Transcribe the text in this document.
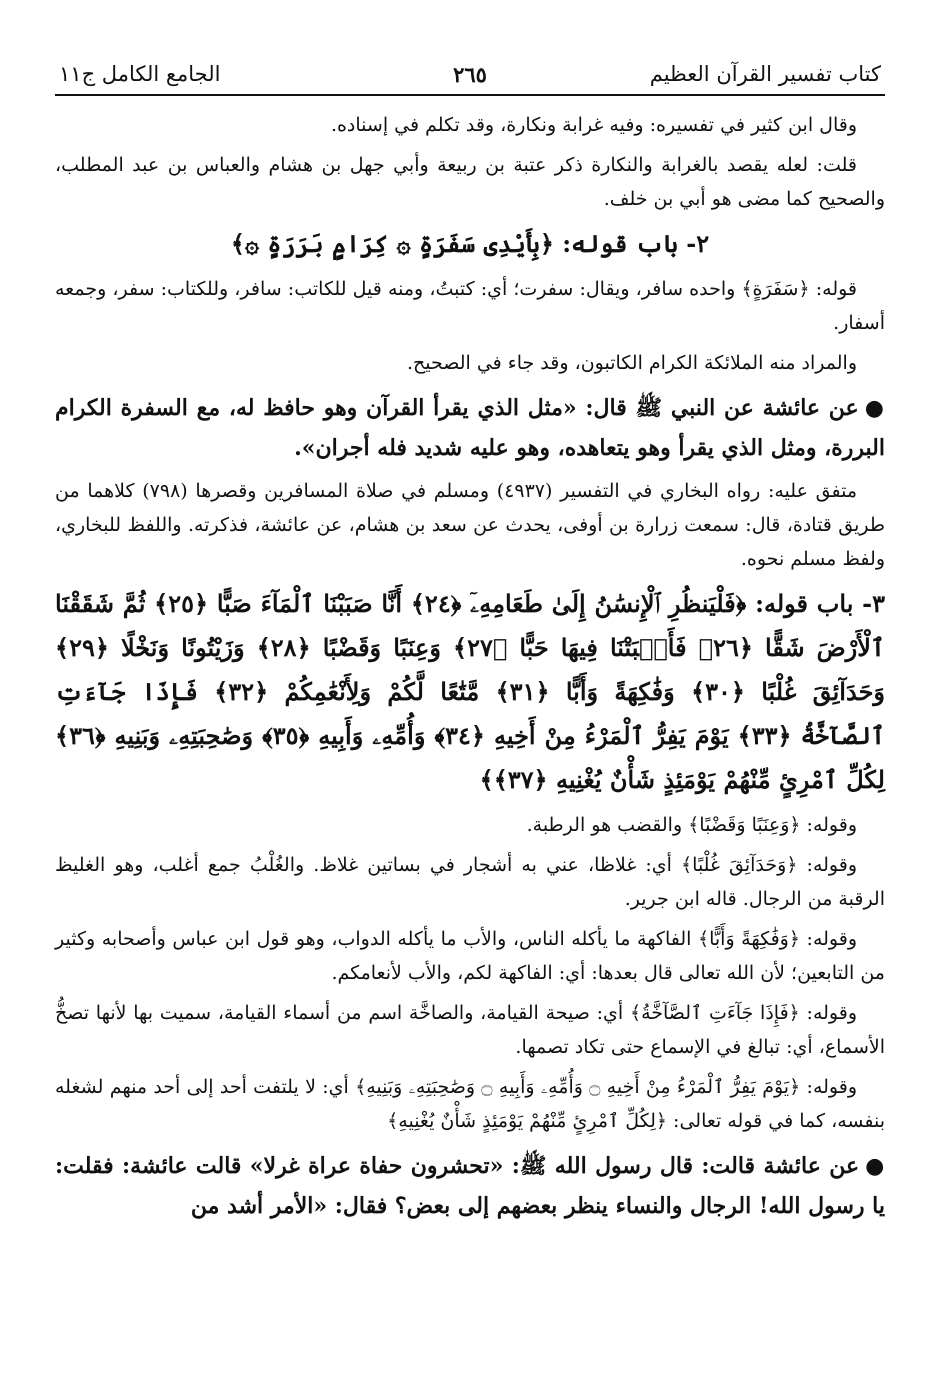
كتاب تفسير القرآن العظيم
٢٦٥
الجامع الكامل ج١١

وقال ابن كثير في تفسيره: وفيه غرابة ونكارة، وقد تكلم في إسناده.

قلت: لعله يقصد بالغرابة والنكارة ذكر عتبة بن ربيعة وأبي جهل بن هشام والعباس بن عبد المطلب، والصحيح كما مضى هو أبي بن خلف.

٢- باب قوله: ﴿بِأَيْدِى سَفَرَةٍ ۞ كِرَامٍ بَرَرَةٍ ۞﴾

قوله: ﴿سَفَرَةٍ﴾ واحده سافر، ويقال: سفرت؛ أي: كتبتُ، ومنه قيل للكاتب: سافر، وللكتاب: سفر، وجمعه أسفار.

والمراد منه الملائكة الكرام الكاتبون، وقد جاء في الصحيح.

●عن عائشة عن النبي ﷺ قال: «مثل الذي يقرأ القرآن وهو حافظ له، مع السفرة الكرام البررة، ومثل الذي يقرأ وهو يتعاهده، وهو عليه شديد فله أجران».

متفق عليه: رواه البخاري في التفسير (٤٩٣٧) ومسلم في صلاة المسافرين وقصرها (٧٩٨) كلاهما من طريق قتادة، قال: سمعت زرارة بن أوفى، يحدث عن سعد بن هشام، عن عائشة، فذكرته. واللفظ للبخاري، ولفظ مسلم نحوه.

٣- باب قوله: ﴿فَلْيَنظُرِ ٱلْإِنسَٰنُ إِلَىٰ طَعَامِهِۦٓ ﴿٢٤﴾ أَنَّا صَبَبْنَا ٱلْمَآءَ صَبًّا ﴿٢٥﴾ ثُمَّ شَقَقْنَا ٱلْأَرْضَ شَقًّا ﴿٢٦﴾ فَأَنۢبَتْنَا فِيهَا حَبًّا ﴿٢٧﴾ وَعِنَبًا وَقَضْبًا ﴿٢٨﴾ وَزَيْتُونًا وَنَخْلًا ﴿٢٩﴾ وَحَدَآئِقَ غُلْبًا ﴿٣٠﴾ وَفَٰكِهَةً وَأَبًّا ﴿٣١﴾ مَّتَٰعًا لَّكُمْ وَلِأَنْعَٰمِكُمْ ﴿٣٢﴾ فَإِذَا جَآءَتِ ٱلصَّآخَّةُ ﴿٣٣﴾ يَوْمَ يَفِرُّ ٱلْمَرْءُ مِنْ أَخِيهِ ﴿٣٤﴾ وَأُمِّهِۦ وَأَبِيهِ ﴿٣٥﴾ وَصَٰحِبَتِهِۦ وَبَنِيهِ ﴿٣٦﴾ لِكُلِّ ٱمْرِئٍ مِّنْهُمْ يَوْمَئِذٍ شَأْنٌ يُغْنِيهِ ﴿٣٧﴾﴾

وقوله: ﴿وَعِنَبًا وَقَضْبًا﴾ والقضب هو الرطبة.

وقوله: ﴿وَحَدَآئِقَ غُلْبًا﴾ أي: غلاظا، عني به أشجار في بساتين غلاظ. والغُلْبُ جمع أغلب، وهو الغليظ الرقبة من الرجال. قاله ابن جرير.

وقوله: ﴿وَفَٰكِهَةً وَأَبًّا﴾ الفاكهة ما يأكله الناس، والأب ما يأكله الدواب، وهو قول ابن عباس وأصحابه وكثير من التابعين؛ لأن الله تعالى قال بعدها: أي: الفاكهة لكم، والأب لأنعامكم.

وقوله: ﴿فَإِذَا جَآءَتِ ٱلصَّآخَّةُ﴾ أي: صيحة القيامة، والصاخَّة اسم من أسماء القيامة، سميت بها لأنها تصخُّ الأسماع، أي: تبالغ في الإسماع حتى تكاد تصمها.

وقوله: ﴿يَوْمَ يَفِرُّ ٱلْمَرْءُ مِنْ أَخِيهِ ۝ وَأُمِّهِۦ وَأَبِيهِ ۝ وَصَٰحِبَتِهِۦ وَبَنِيهِ﴾ أي: لا يلتفت أحد إلى أحد منهم لشغله بنفسه، كما في قوله تعالى: ﴿لِكُلِّ ٱمْرِئٍ مِّنْهُمْ يَوْمَئِذٍ شَأْنٌ يُغْنِيهِ﴾

●عن عائشة قالت: قال رسول الله ﷺ: «تحشرون حفاة عراة غرلا» قالت عائشة: فقلت: يا رسول الله! الرجال والنساء ينظر بعضهم إلى بعض؟ فقال: «الأمر أشد من
